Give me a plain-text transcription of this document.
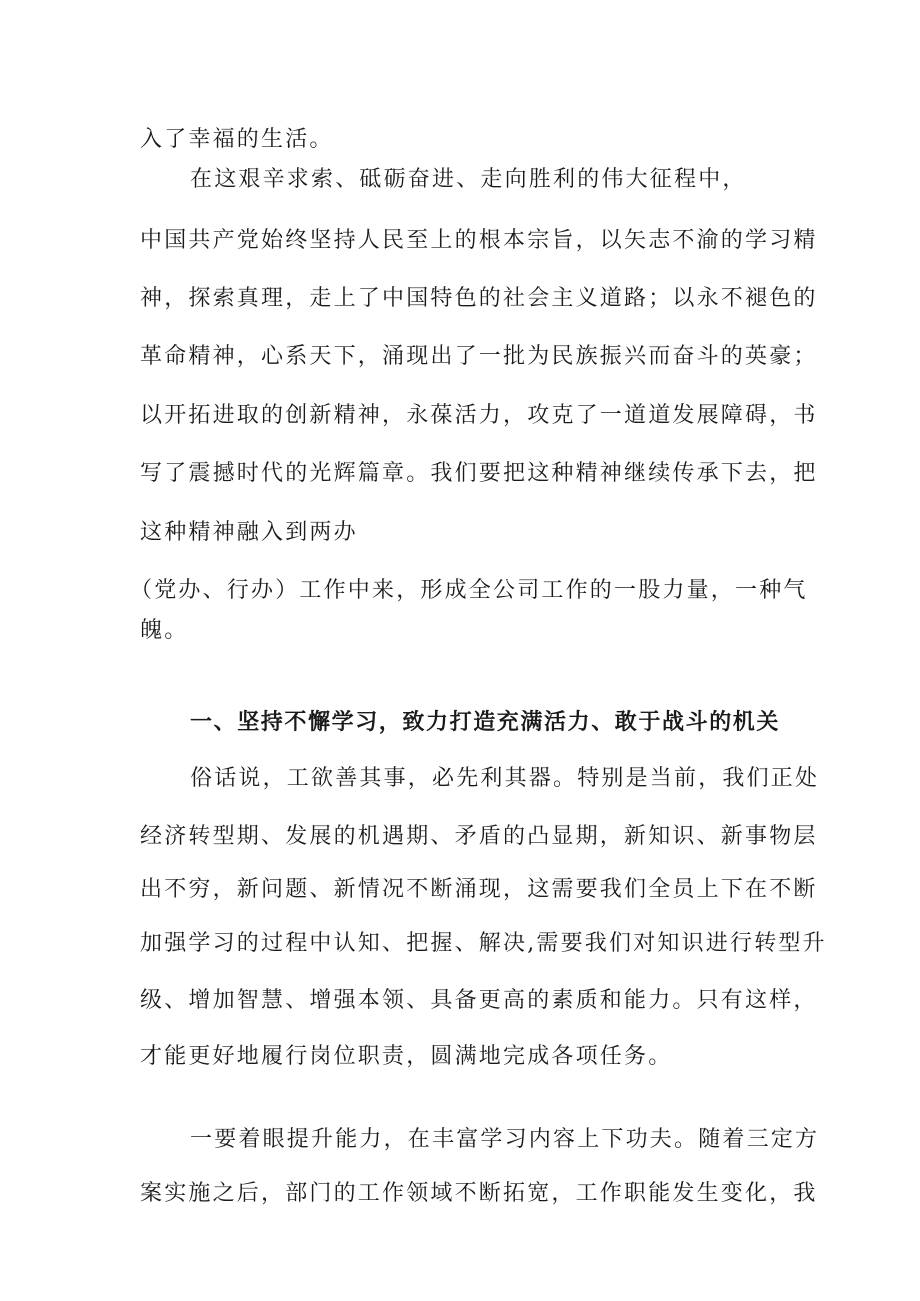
入了幸福的生活。
在这艰辛求索、砥砺奋进、走向胜利的伟大征程中，
中国共产党始终坚持人民至上的根本宗旨，以矢志不渝的学习精
神，探索真理，走上了中国特色的社会主义道路；以永不褪色的
革命精神，心系天下，涌现出了一批为民族振兴而奋斗的英豪；
以开拓进取的创新精神，永葆活力，攻克了一道道发展障碍，书
写了震撼时代的光辉篇章。我们要把这种精神继续传承下去，把
这种精神融入到两办
（党办、行办）工作中来，形成全公司工作的一股力量，一种气
魄。
一、坚持不懈学习，致力打造充满活力、敢于战斗的机关
俗话说，工欲善其事，必先利其器。特别是当前，我们正处
经济转型期、发展的机遇期、矛盾的凸显期，新知识、新事物层
出不穷，新问题、新情况不断涌现，这需要我们全员上下在不断
加强学习的过程中认知、把握、解决,需要我们对知识进行转型升
级、增加智慧、增强本领、具备更高的素质和能力。只有这样，
才能更好地履行岗位职责，圆满地完成各项任务。
一要着眼提升能力，在丰富学习内容上下功夫。随着三定方
案实施之后，部门的工作领域不断拓宽，工作职能发生变化，我
